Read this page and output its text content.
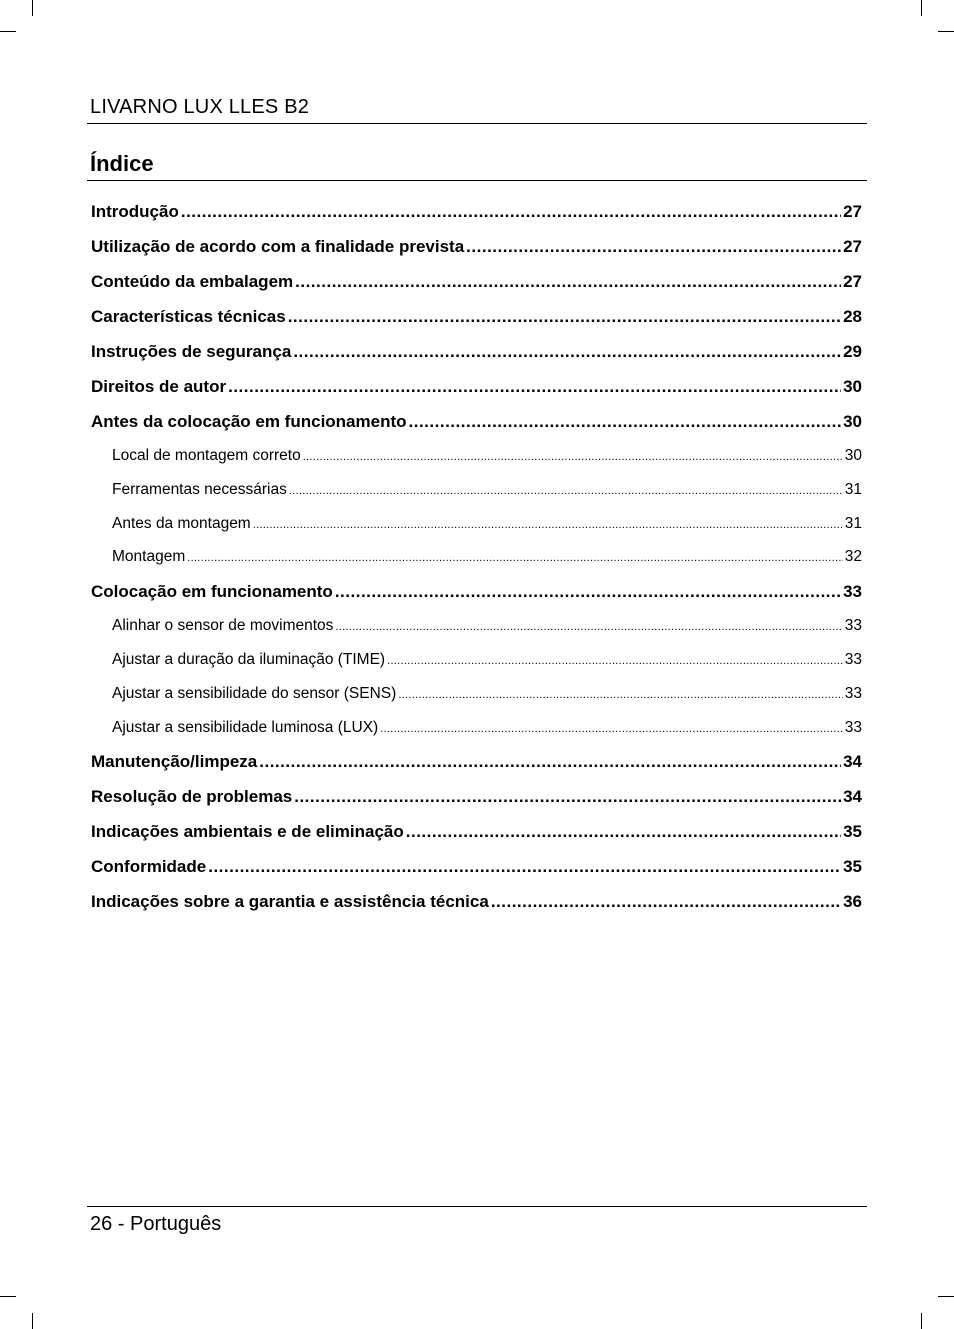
LIVARNO LUX LLES B2
Índice
Introdução .....	27
Utilização de acordo com a finalidade prevista .....	27
Conteúdo da embalagem .....	27
Características técnicas .....	28
Instruções de segurança .....	29
Direitos de autor .....	30
Antes da colocação em funcionamento .....	30
Local de montagem correto .....	30
Ferramentas necessárias .....	31
Antes da montagem .....	31
Montagem .....	32
Colocação em funcionamento .....	33
Alinhar o sensor de movimentos .....	33
Ajustar a duração da iluminação (TIME) .....	33
Ajustar a sensibilidade do sensor (SENS) .....	33
Ajustar a sensibilidade luminosa (LUX) .....	33
Manutenção/limpeza .....	34
Resolução de problemas .....	34
Indicações ambientais e de eliminação .....	35
Conformidade .....	35
Indicações sobre a garantia e assistência técnica .....	36
26 - Português
